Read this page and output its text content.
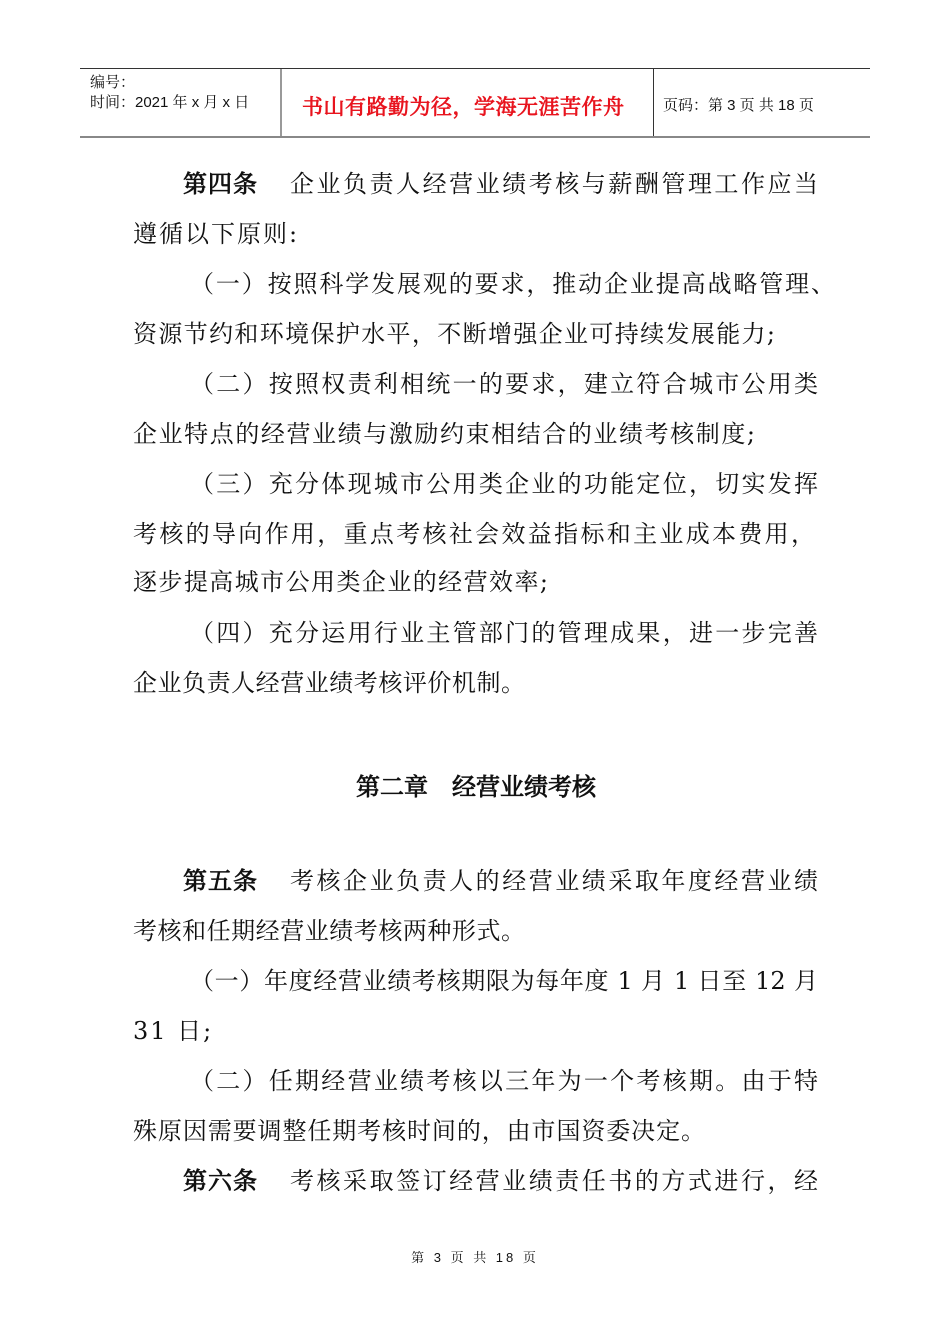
编号：
时间：2021 年 x 月 x 日	书山有路勤为径，学海无涯苦作舟	页码：第 3 页 共 18 页
第四条 企业负责人经营业绩考核与薪酬管理工作应当
遵循以下原则:
（一）按照科学发展观的要求，推动企业提高战略管理、
资源节约和环境保护水平，不断增强企业可持续发展能力;
（二）按照权责利相统一的要求，建立符合城市公用类
企业特点的经营业绩与激励约束相结合的业绩考核制度;
（三）充分体现城市公用类企业的功能定位，切实发挥
考核的导向作用，重点考核社会效益指标和主业成本费用，
逐步提高城市公用类企业的经营效率;
（四）充分运用行业主管部门的管理成果，进一步完善
企业负责人经营业绩考核评价机制。
第二章　经营业绩考核
第五条 考核企业负责人的经营业绩采取年度经营业绩
考核和任期经营业绩考核两种形式。
（一）年度经营业绩考核期限为每年度 1 月 1 日至 12 月
31 日;
（二）任期经营业绩考核以三年为一个考核期。由于特
殊原因需要调整任期考核时间的，由市国资委决定。
第六条 考核采取签订经营业绩责任书的方式进行，经
第 3 页 共 18 页
